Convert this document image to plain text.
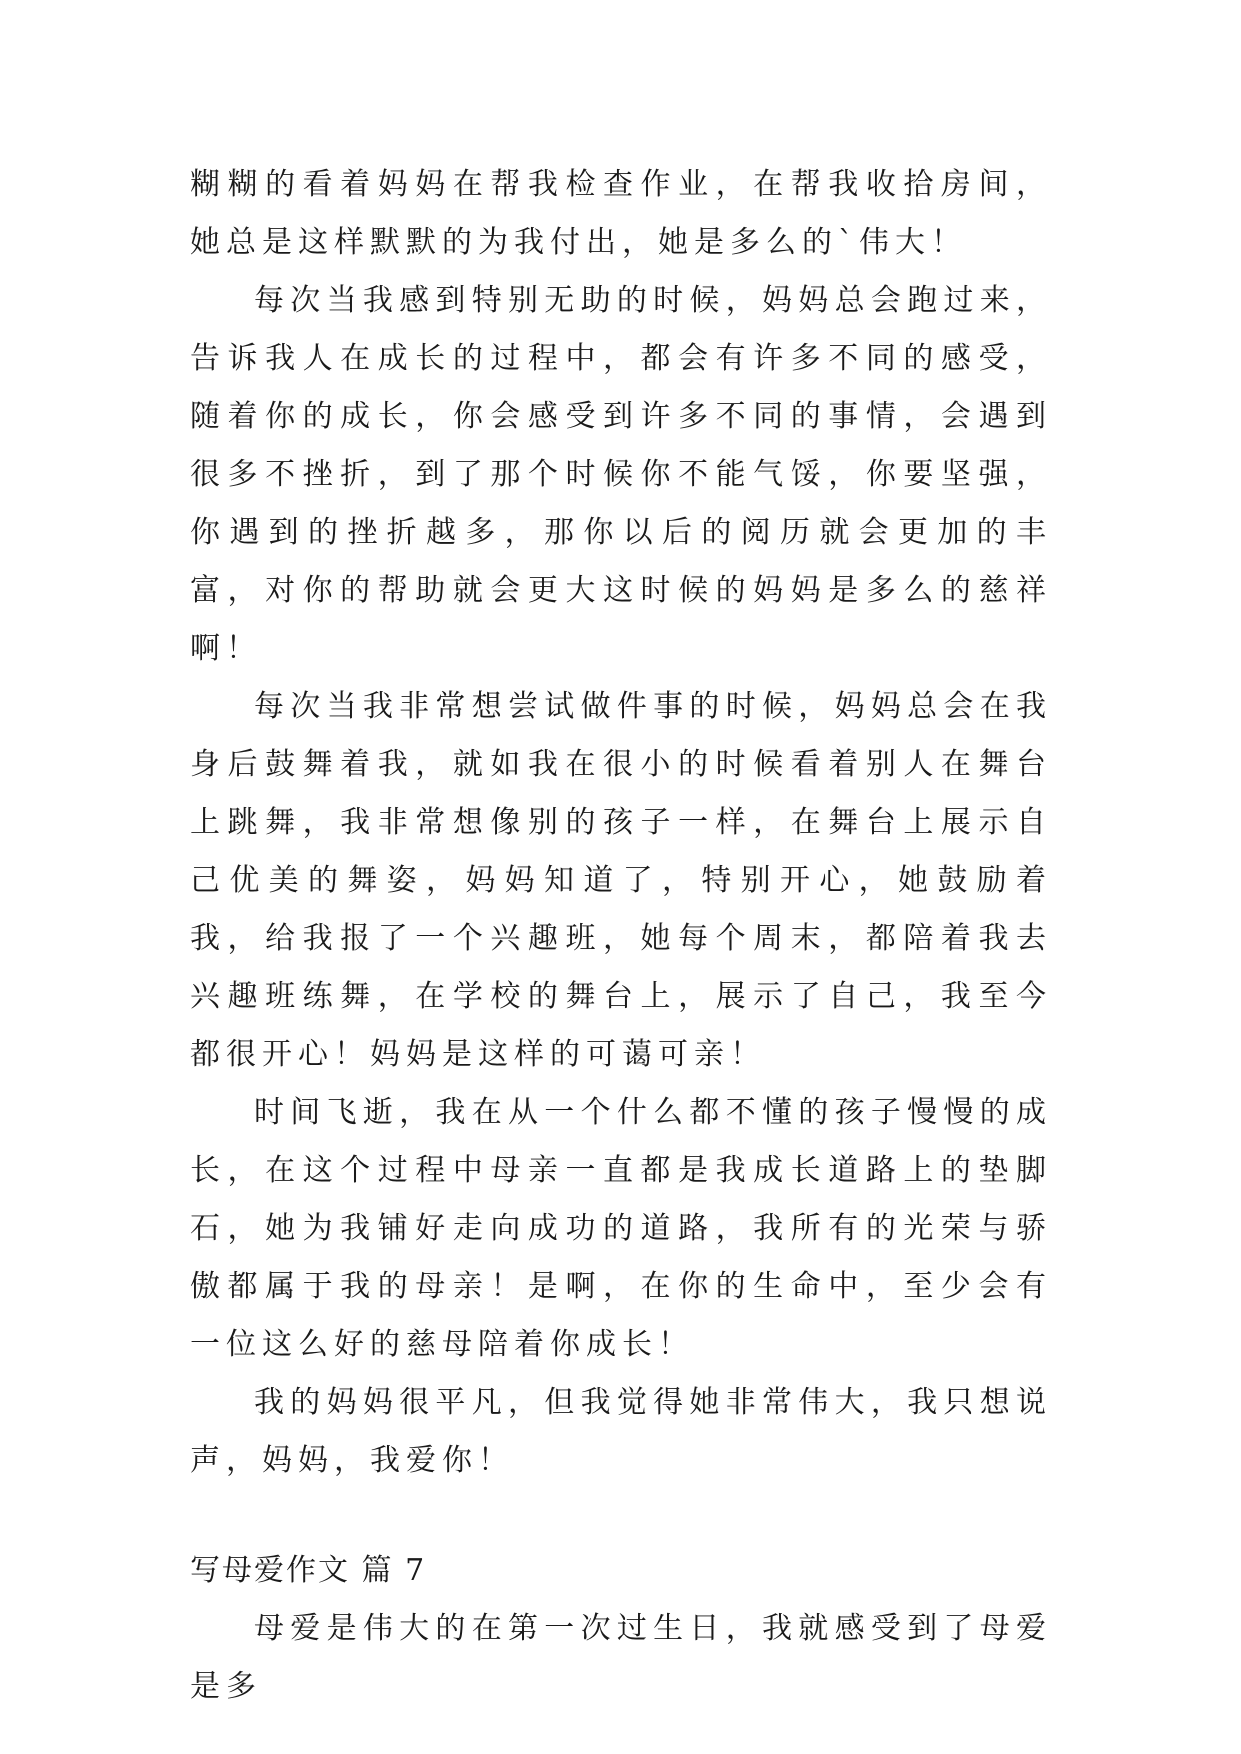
糊糊的看着妈妈在帮我检查作业，在帮我收拾房间，她总是这样默默的为我付出，她是多么的`伟大！

每次当我感到特别无助的时候，妈妈总会跑过来，告诉我人在成长的过程中，都会有许多不同的感受，随着你的成长，你会感受到许多不同的事情，会遇到很多不挫折，到了那个时候你不能气馁，你要坚强，你遇到的挫折越多，那你以后的阅历就会更加的丰富，对你的帮助就会更大这时候的妈妈是多么的慈祥啊！

每次当我非常想尝试做件事的时候，妈妈总会在我身后鼓舞着我，就如我在很小的时候看着别人在舞台上跳舞，我非常想像别的孩子一样，在舞台上展示自己优美的舞姿，妈妈知道了，特别开心，她鼓励着我，给我报了一个兴趣班，她每个周末，都陪着我去兴趣班练舞，在学校的舞台上，展示了自己，我至今都很开心！妈妈是这样的可蔼可亲！

时间飞逝，我在从一个什么都不懂的孩子慢慢的成长，在这个过程中母亲一直都是我成长道路上的垫脚石，她为我铺好走向成功的道路，我所有的光荣与骄傲都属于我的母亲！是啊，在你的生命中，至少会有一位这么好的慈母陪着你成长！

我的妈妈很平凡，但我觉得她非常伟大，我只想说声，妈妈，我爱你！

写母爱作文 篇 7

母爱是伟大的在第一次过生日，我就感受到了母爱是多
